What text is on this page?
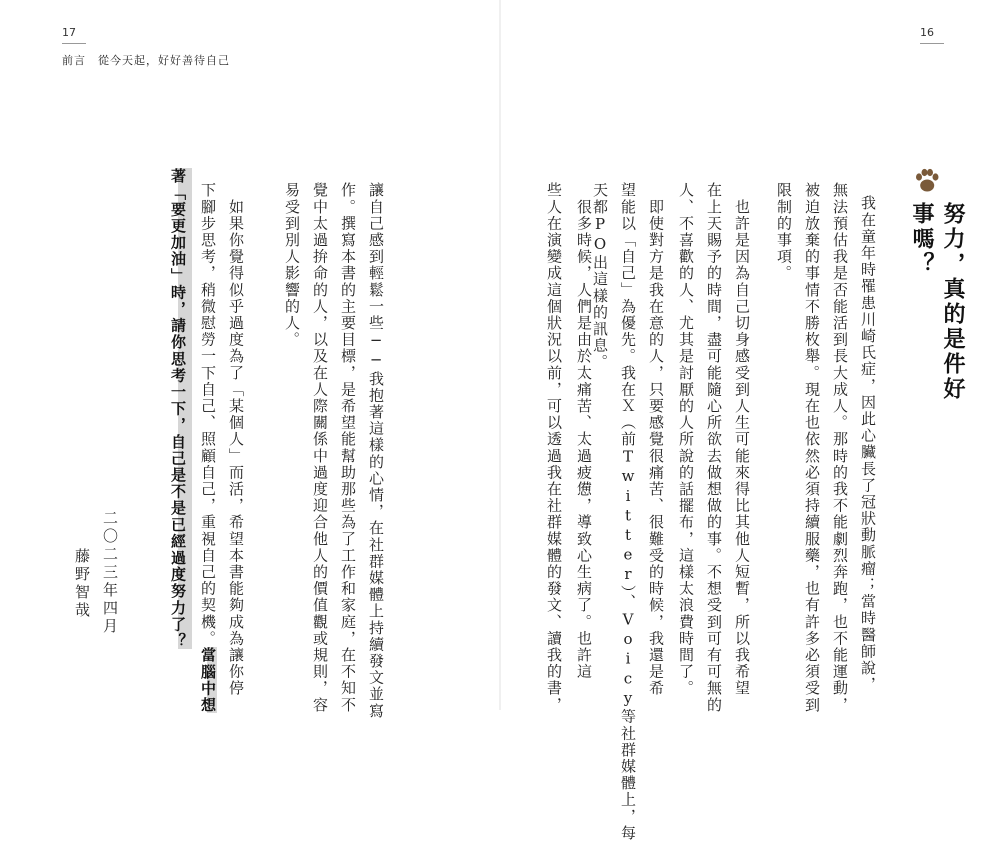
17	16
前言　從今天起，好好善待自己
努力，真的是件好事嗎？
我在童年時罹患川崎氏症，因此心臟長了冠狀動脈瘤；當時醫師說，
無法預估我是否能活到長大成人。那時的我不能劇烈奔跑，也不能運動，
被迫放棄的事情不勝枚舉。現在也依然必須持續服藥，也有許多必須受到
限制的事項。
　也許是因為自己切身感受到人生可能來得比其他人短暫，所以我希望
在上天賜予的時間，盡可能隨心所欲去做想做的事。不想受到可有可無的
人、不喜歡的人、尤其是討厭的人所說的話擺布，這樣太浪費時間了。
　即使對方是我在意的人，只要感覺很痛苦、很難受的時候，我還是希
望能以「自己」為優先。我在Ｘ（前Twitter）、Voicy等社群媒體上，每
天都PO出這樣的訊息。
　很多時候，人們是由於太痛苦、太過疲憊，導致心生病了。也許這
些人在演變成這個狀況以前，可以透過我在社群媒體的發文、讀我的書，
讓自己感到輕鬆一些──我抱著這樣的心情，在社群媒體上持續發文並寫
作。撰寫本書的主要目標，是希望能幫助那些為了工作和家庭，在不知不
覺中太過拚命的人，以及在人際關係中過度迎合他人的價值觀或規則，容
易受到別人影響的人。
　如果你覺得似乎過度為了「某個人」而活，希望本書能夠成為讓你停
下腳步思考，稍微慰勞一下自己、照顧自己，重視自己的契機。當腦中想
著「要更加油」時，請你思考一下，自己是不是已經過度努力了？
二〇二三年四月
藤野智哉
